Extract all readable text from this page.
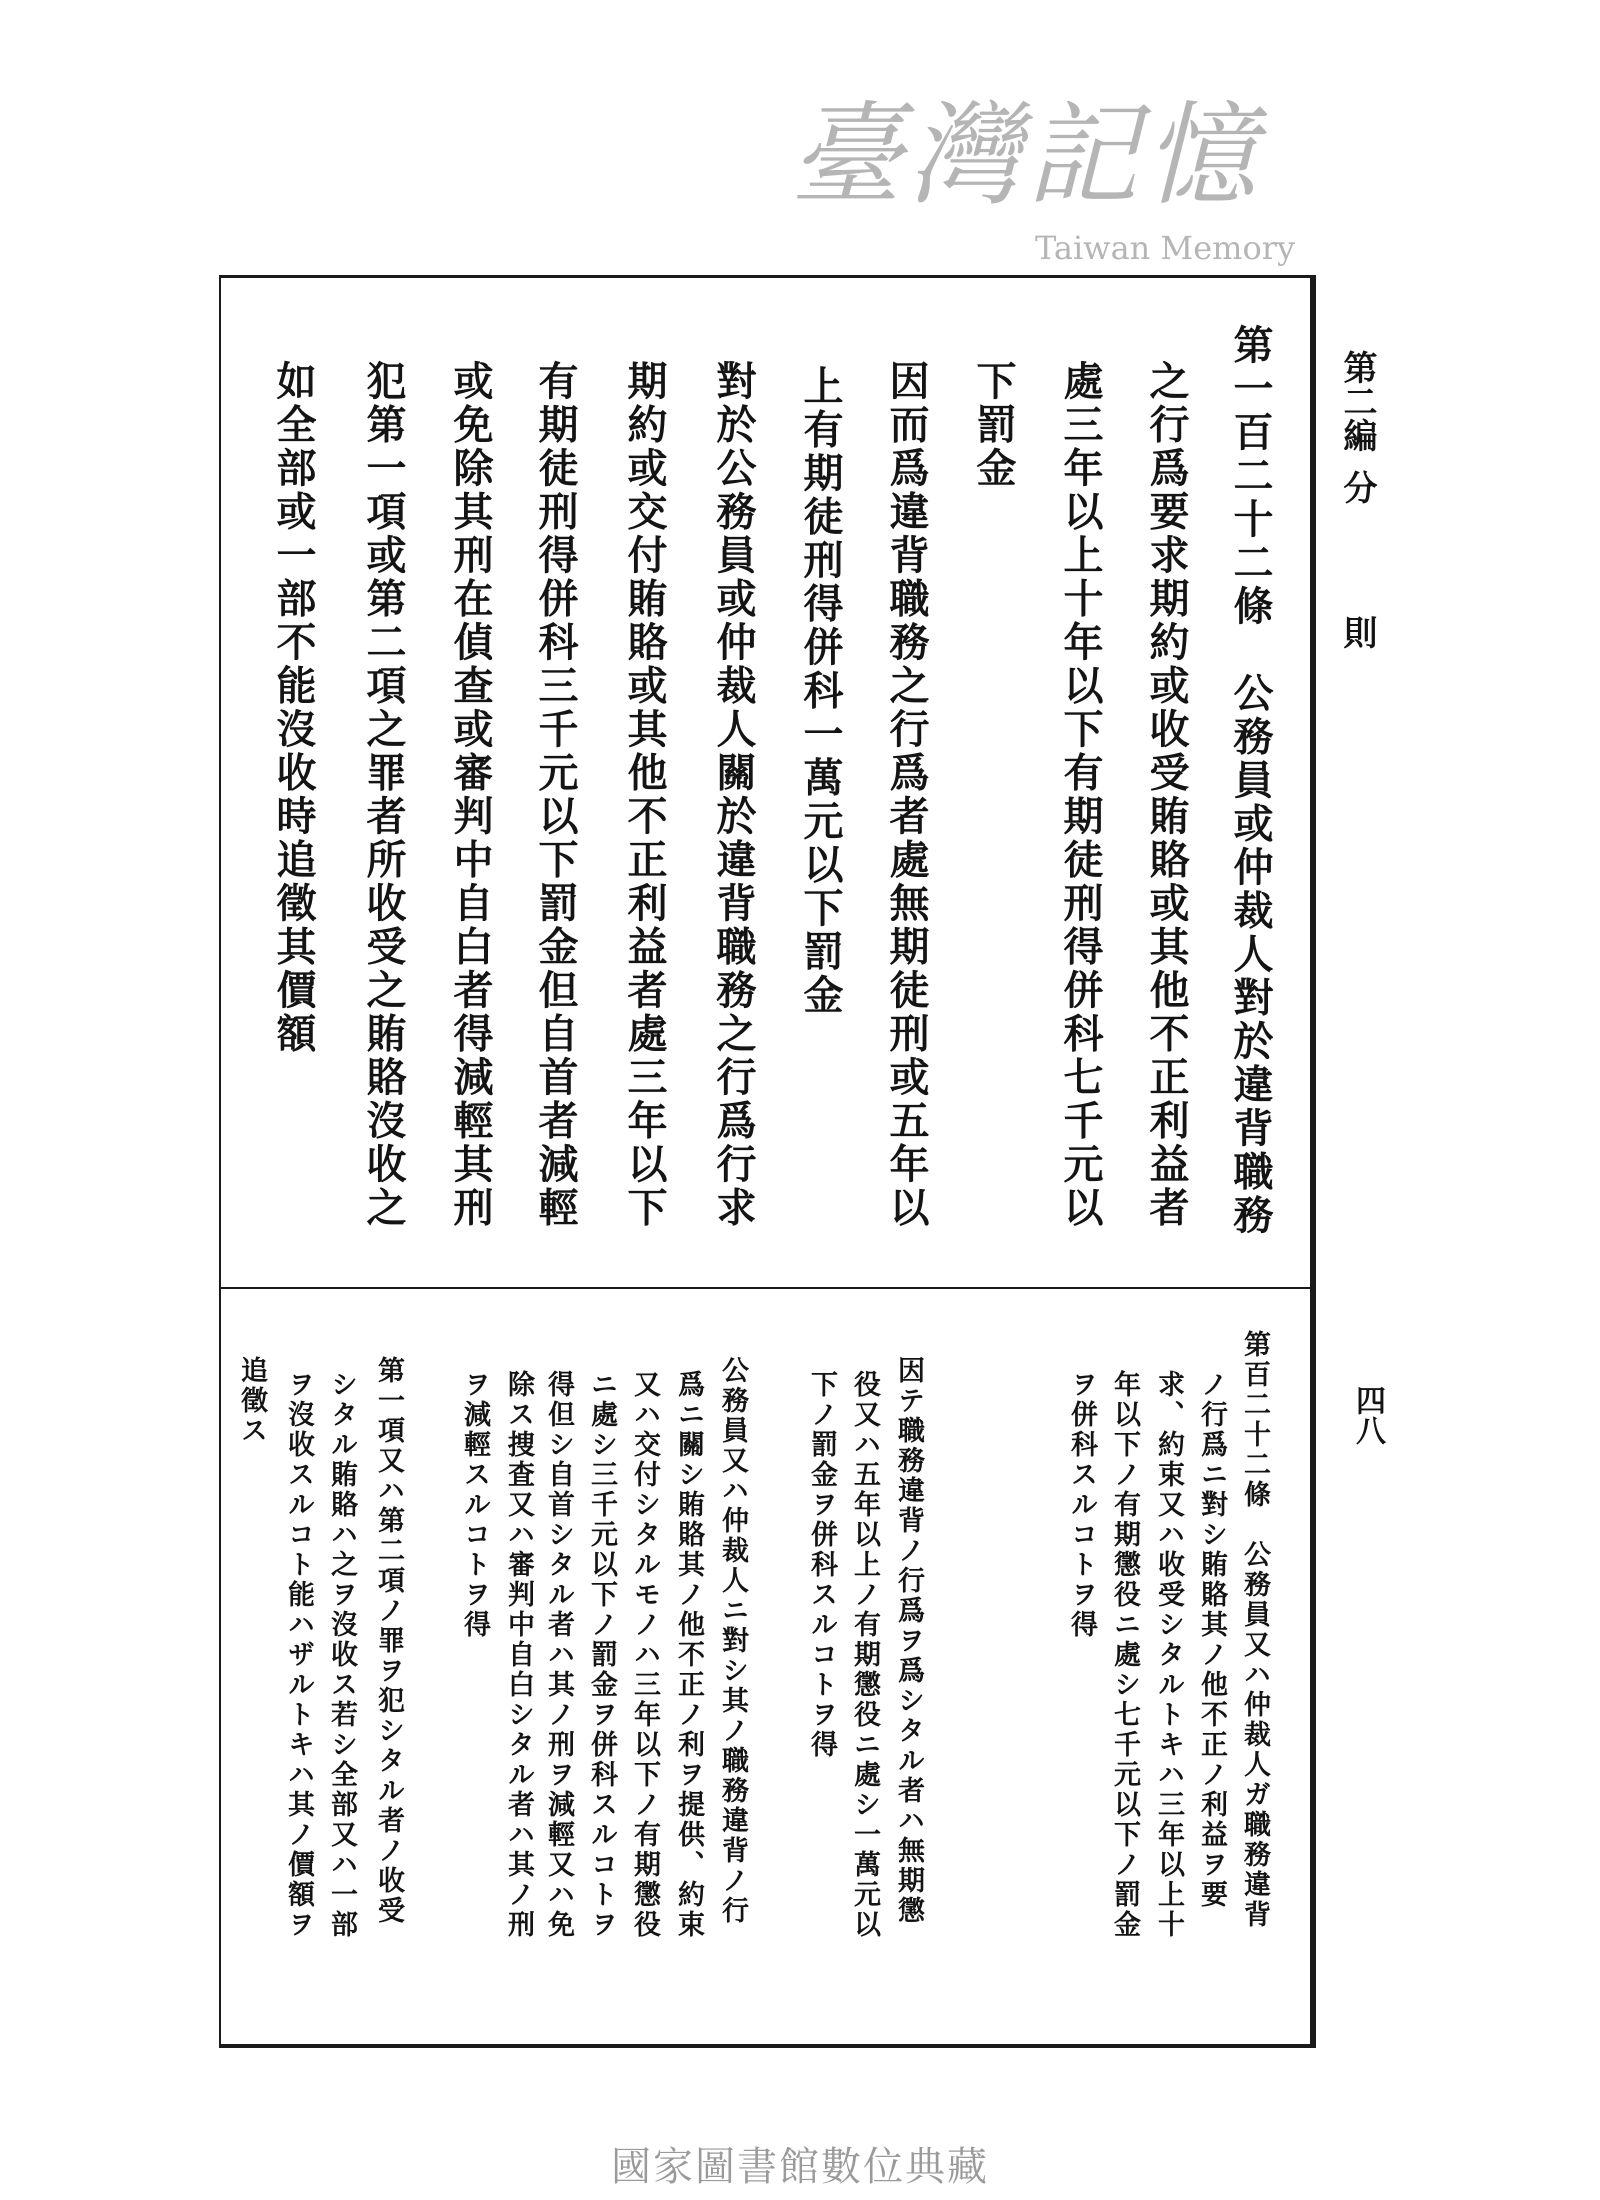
第二編
分
則
四八
第一百二十二條　公務員或仲裁人對於違背職務
之行爲要求期約或收受賄賂或其他不正利益者
處三年以上十年以下有期徒刑得併科七千元以
下罰金
因而爲違背職務之行爲者處無期徒刑或五年以
上有期徒刑得併科一萬元以下罰金
對於公務員或仲裁人關於違背職務之行爲行求
期約或交付賄賂或其他不正利益者處三年以下
有期徒刑得併科三千元以下罰金但自首者減輕
或免除其刑在偵查或審判中自白者得減輕其刑
犯第一項或第二項之罪者所收受之賄賂沒收之
如全部或一部不能沒收時追徵其價額
臺灣記憶
Taiwan Memory
第百二十二條　公務員又ハ仲裁人ガ職務違背
ノ行爲ニ對シ賄賂其ノ他不正ノ利益ヲ要
求、約束又ハ收受シタルトキハ三年以上十
年以下ノ有期懲役ニ處シ七千元以下ノ罰金
ヲ併科スルコトヲ得
因テ職務違背ノ行爲ヲ爲シタル者ハ無期懲
役又ハ五年以上ノ有期懲役ニ處シ一萬元以
下ノ罰金ヲ併科スルコトヲ得
公務員又ハ仲裁人ニ對シ其ノ職務違背ノ行
爲ニ關シ賄賂其ノ他不正ノ利ヲ提供、約束
又ハ交付シタルモノハ三年以下ノ有期懲役
ニ處シ三千元以下ノ罰金ヲ併科スルコトヲ
得但シ自首シタル者ハ其ノ刑ヲ減輕又ハ免
除ス捜査又ハ審判中自白シタル者ハ其ノ刑
ヲ減輕スルコトヲ得
第一項又ハ第二項ノ罪ヲ犯シタル者ノ收受
シタル賄賂ハ之ヲ沒收ス若シ全部又ハ一部
ヲ沒收スルコト能ハザルトキハ其ノ價額ヲ
追徵ス
國家圖書館數位典藏
